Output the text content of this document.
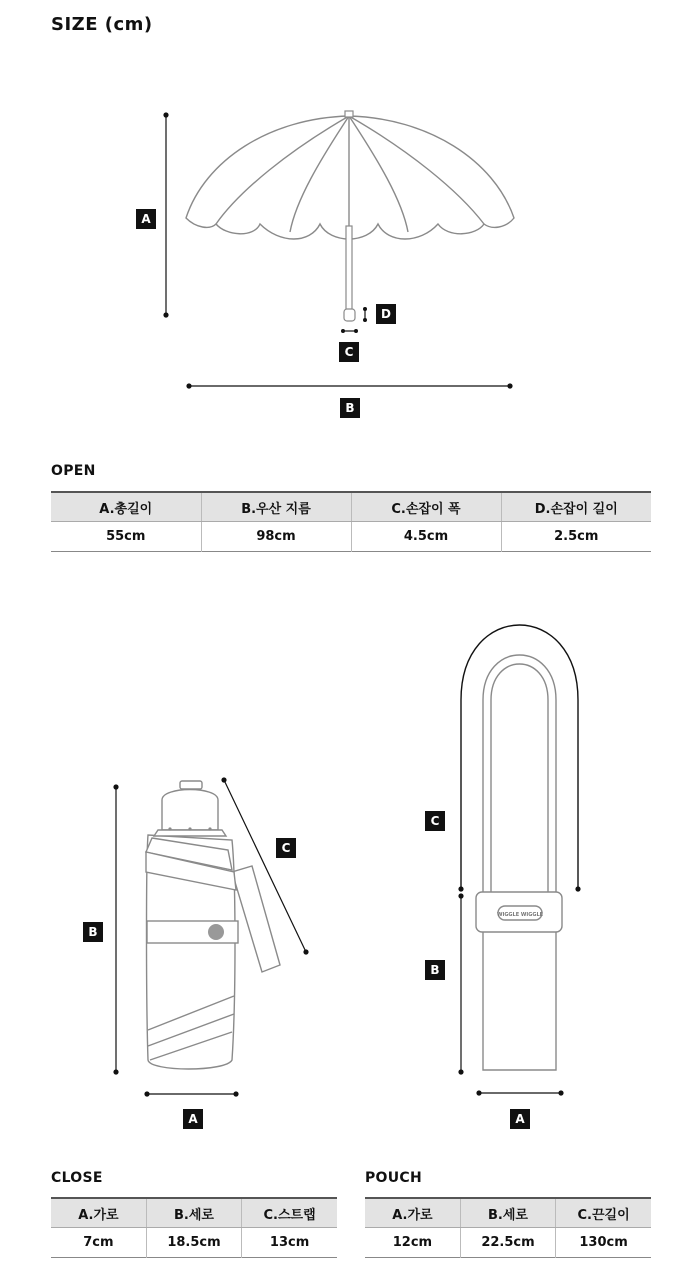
SIZE (cm)
A
D
C
B
OPEN
A.총길이	B.우산 지름	C.손잡이 폭	D.손잡이 길이
55cm	98cm	4.5cm	2.5cm
WIGGLE WIGGLE
C
B
A
C
B
A
CLOSE
A.가로	B.세로	C.스트랩
7cm	18.5cm	13cm
POUCH
A.가로	B.세로	C.끈길이
12cm	22.5cm	130cm
